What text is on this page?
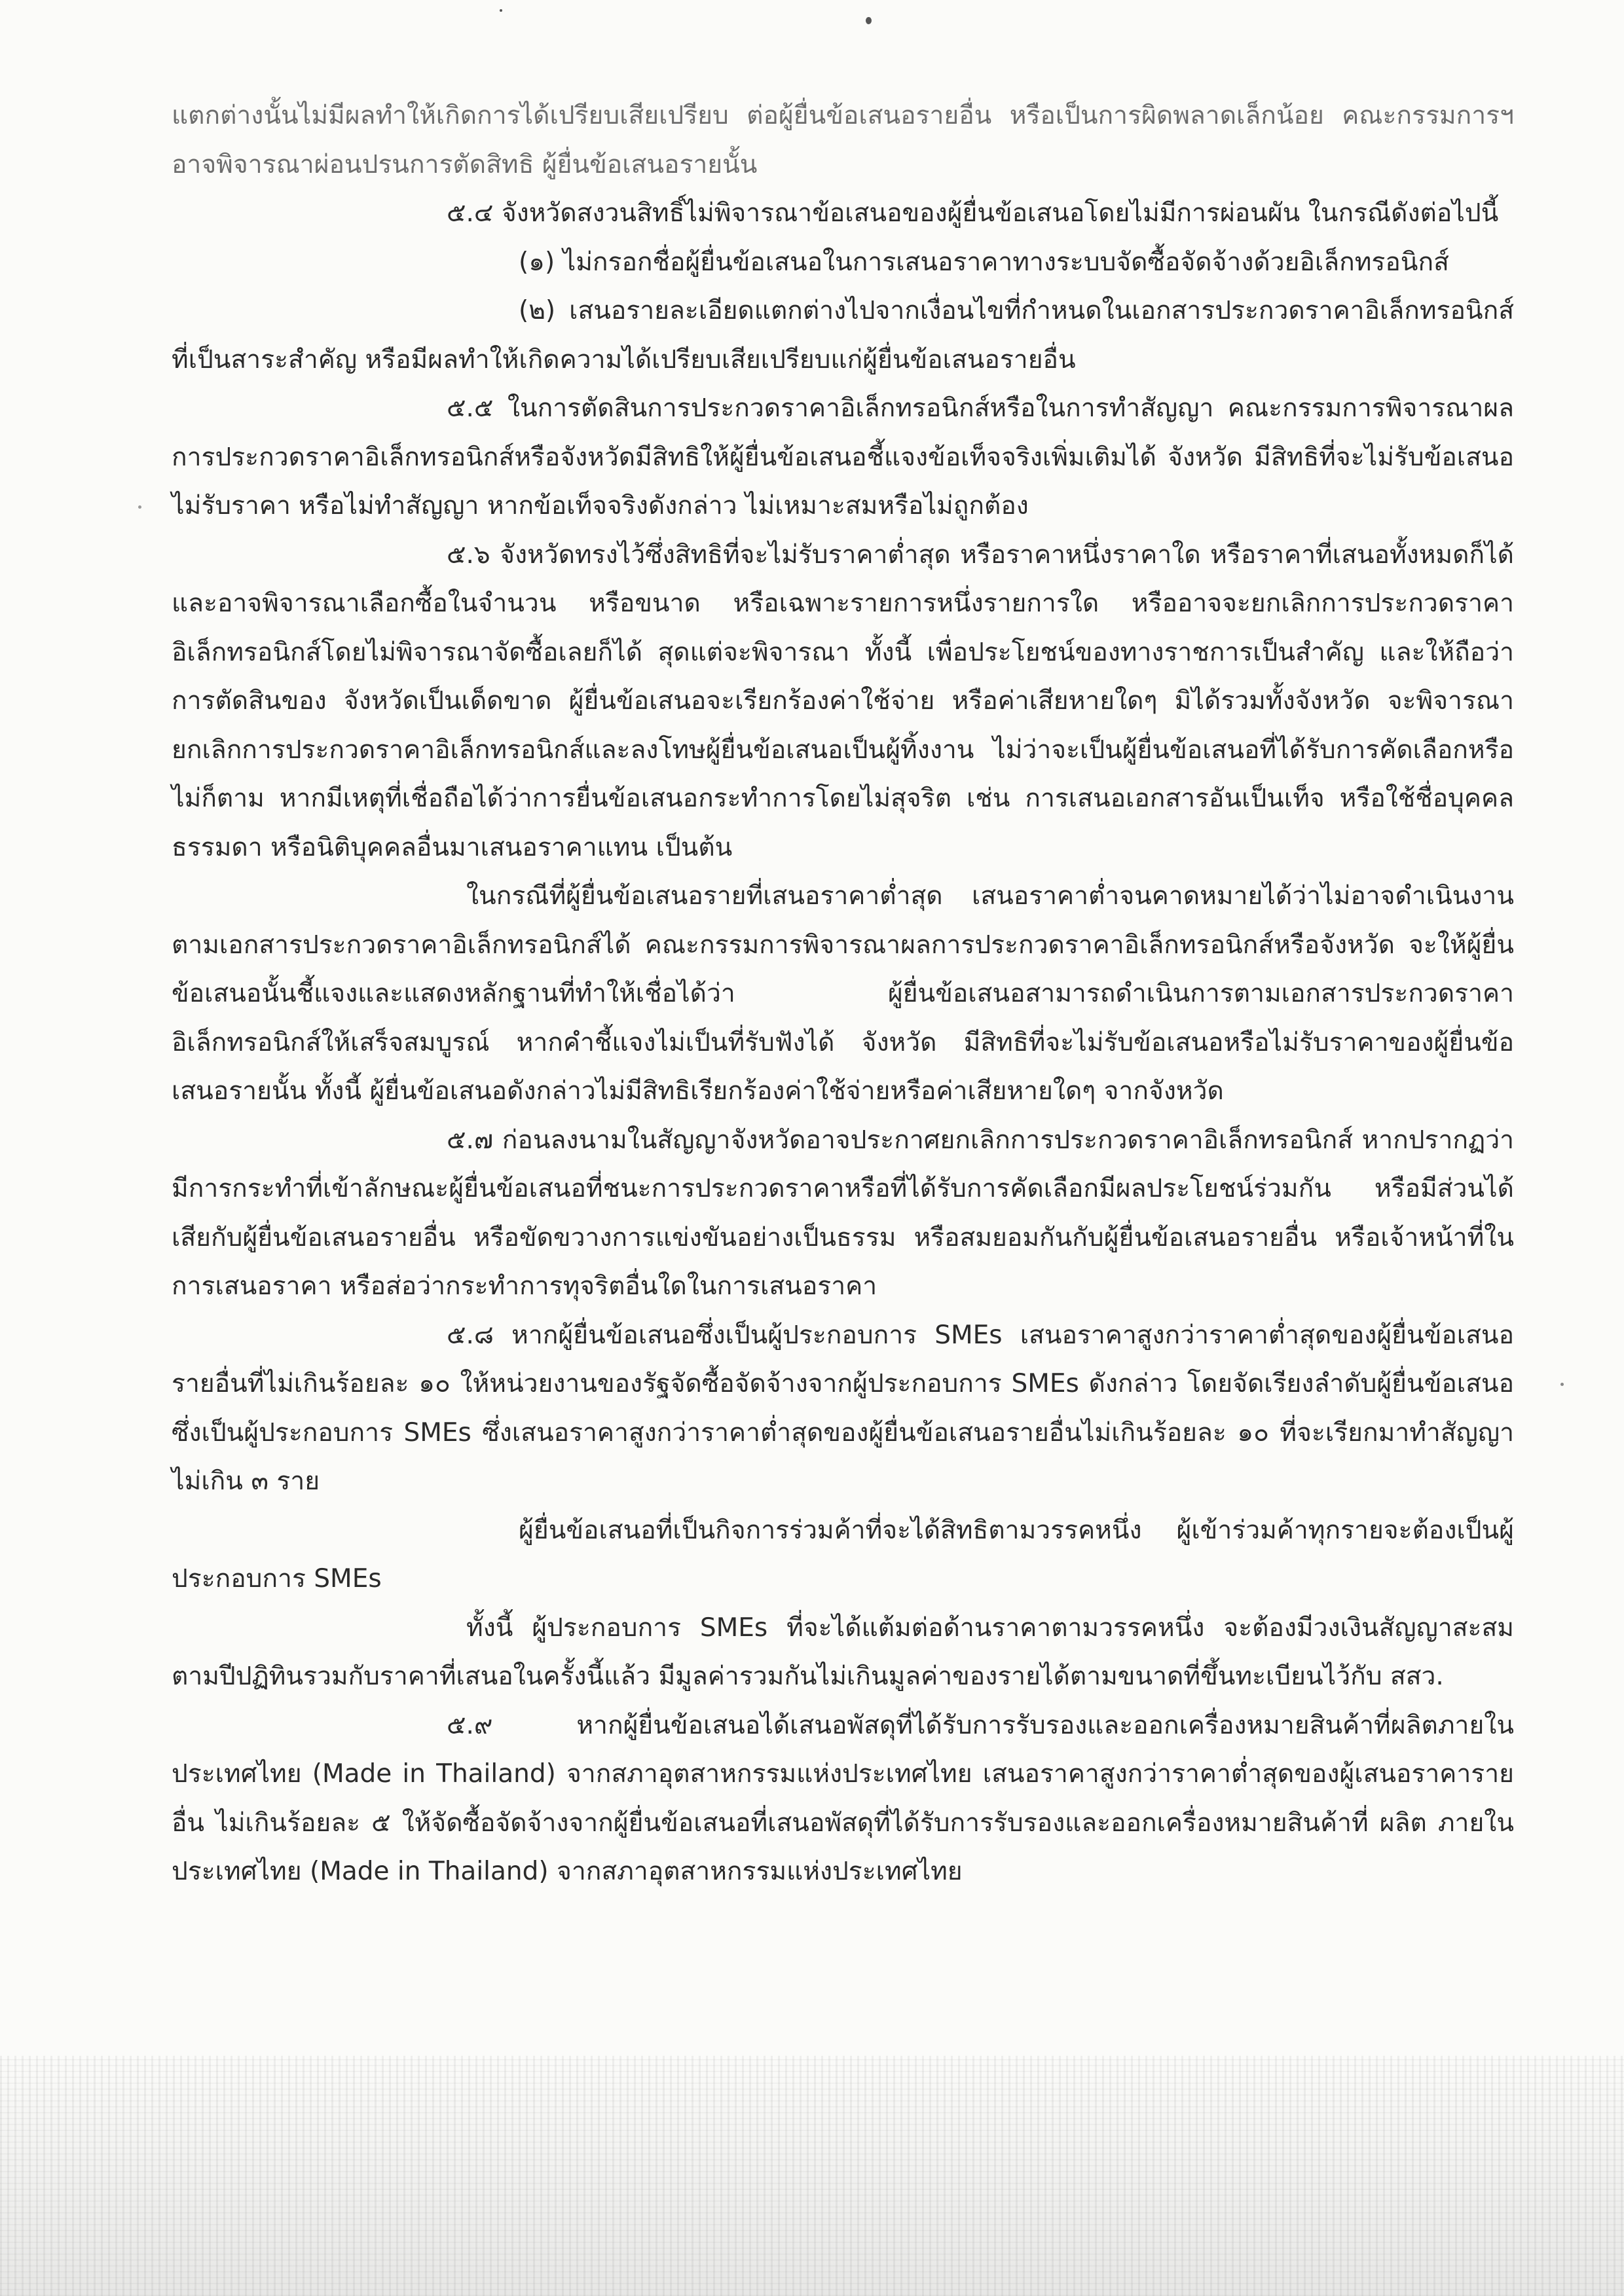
แตกต่างนั้นไม่มีผลทำให้เกิดการได้เปรียบเสียเปรียบ ต่อผู้ยื่นข้อเสนอรายอื่น หรือเป็นการผิดพลาดเล็กน้อย คณะกรรมการฯ อาจพิจารณาผ่อนปรนการตัดสิทธิ ผู้ยื่นข้อเสนอรายนั้น

๕.๔ จังหวัดสงวนสิทธิ์ไม่พิจารณาข้อเสนอของผู้ยื่นข้อเสนอโดยไม่มีการผ่อนผัน ในกรณีดังต่อไปนี้

(๑) ไม่กรอกชื่อผู้ยื่นข้อเสนอในการเสนอราคาทางระบบจัดซื้อจัดจ้างด้วยอิเล็กทรอนิกส์

(๒) เสนอรายละเอียดแตกต่างไปจากเงื่อนไขที่กำหนดในเอกสารประกวดราคาอิเล็กทรอนิกส์ที่เป็นสาระสำคัญ หรือมีผลทำให้เกิดความได้เปรียบเสียเปรียบแก่ผู้ยื่นข้อเสนอรายอื่น

๕.๕ ในการตัดสินการประกวดราคาอิเล็กทรอนิกส์หรือในการทำสัญญา คณะกรรมการพิจารณาผลการประกวดราคาอิเล็กทรอนิกส์หรือจังหวัดมีสิทธิให้ผู้ยื่นข้อเสนอชี้แจงข้อเท็จจริงเพิ่มเติมได้ จังหวัด มีสิทธิที่จะไม่รับข้อเสนอ ไม่รับราคา หรือไม่ทำสัญญา หากข้อเท็จจริงดังกล่าว ไม่เหมาะสมหรือไม่ถูกต้อง

๕.๖ จังหวัดทรงไว้ซึ่งสิทธิที่จะไม่รับราคาต่ำสุด หรือราคาหนึ่งราคาใด หรือราคาที่เสนอทั้งหมดก็ได้ และอาจพิจารณาเลือกซื้อในจำนวน หรือขนาด หรือเฉพาะรายการหนึ่งรายการใด หรืออาจจะยกเลิกการประกวดราคาอิเล็กทรอนิกส์โดยไม่พิจารณาจัดซื้อเลยก็ได้ สุดแต่จะพิจารณา ทั้งนี้ เพื่อประโยชน์ของทางราชการเป็นสำคัญ และให้ถือว่าการตัดสินของ จังหวัดเป็นเด็ดขาด ผู้ยื่นข้อเสนอจะเรียกร้องค่าใช้จ่าย หรือค่าเสียหายใดๆ มิได้รวมทั้งจังหวัด จะพิจารณายกเลิกการประกวดราคาอิเล็กทรอนิกส์และลงโทษผู้ยื่นข้อเสนอเป็นผู้ทิ้งงาน ไม่ว่าจะเป็นผู้ยื่นข้อเสนอที่ได้รับการคัดเลือกหรือไม่ก็ตาม หากมีเหตุที่เชื่อถือได้ว่าการยื่นข้อเสนอกระทำการโดยไม่สุจริต เช่น การเสนอเอกสารอันเป็นเท็จ หรือใช้ชื่อบุคคลธรรมดา หรือนิติบุคคลอื่นมาเสนอราคาแทน เป็นต้น

ในกรณีที่ผู้ยื่นข้อเสนอรายที่เสนอราคาต่ำสุด เสนอราคาต่ำจนคาดหมายได้ว่าไม่อาจดำเนินงานตามเอกสารประกวดราคาอิเล็กทรอนิกส์ได้ คณะกรรมการพิจารณาผลการประกวดราคาอิเล็กทรอนิกส์หรือจังหวัด จะให้ผู้ยื่นข้อเสนอนั้นชี้แจงและแสดงหลักฐานที่ทำให้เชื่อได้ว่า ผู้ยื่นข้อเสนอสามารถดำเนินการตามเอกสารประกวดราคาอิเล็กทรอนิกส์ให้เสร็จสมบูรณ์ หากคำชี้แจงไม่เป็นที่รับฟังได้ จังหวัด มีสิทธิที่จะไม่รับข้อเสนอหรือไม่รับราคาของผู้ยื่นข้อเสนอรายนั้น ทั้งนี้ ผู้ยื่นข้อเสนอดังกล่าวไม่มีสิทธิเรียกร้องค่าใช้จ่ายหรือค่าเสียหายใดๆ จากจังหวัด

๕.๗ ก่อนลงนามในสัญญาจังหวัดอาจประกาศยกเลิกการประกวดราคาอิเล็กทรอนิกส์ หากปรากฏว่ามีการกระทำที่เข้าลักษณะผู้ยื่นข้อเสนอที่ชนะการประกวดราคาหรือที่ได้รับการคัดเลือกมีผลประโยชน์ร่วมกัน หรือมีส่วนได้เสียกับผู้ยื่นข้อเสนอรายอื่น หรือขัดขวางการแข่งขันอย่างเป็นธรรม หรือสมยอมกันกับผู้ยื่นข้อเสนอรายอื่น หรือเจ้าหน้าที่ในการเสนอราคา หรือส่อว่ากระทำการทุจริตอื่นใดในการเสนอราคา

๕.๘ หากผู้ยื่นข้อเสนอซึ่งเป็นผู้ประกอบการ SMEs เสนอราคาสูงกว่าราคาต่ำสุดของผู้ยื่นข้อเสนอรายอื่นที่ไม่เกินร้อยละ ๑๐ ให้หน่วยงานของรัฐจัดซื้อจัดจ้างจากผู้ประกอบการ SMEs ดังกล่าว โดยจัดเรียงลำดับผู้ยื่นข้อเสนอซึ่งเป็นผู้ประกอบการ SMEs ซึ่งเสนอราคาสูงกว่าราคาต่ำสุดของผู้ยื่นข้อเสนอรายอื่นไม่เกินร้อยละ ๑๐ ที่จะเรียกมาทำสัญญาไม่เกิน ๓ ราย

ผู้ยื่นข้อเสนอที่เป็นกิจการร่วมค้าที่จะได้สิทธิตามวรรคหนึ่ง ผู้เข้าร่วมค้าทุกรายจะต้องเป็นผู้ประกอบการ SMEs

ทั้งนี้ ผู้ประกอบการ SMEs ที่จะได้แต้มต่อด้านราคาตามวรรคหนึ่ง จะต้องมีวงเงินสัญญาสะสมตามปีปฏิทินรวมกับราคาที่เสนอในครั้งนี้แล้ว มีมูลค่ารวมกันไม่เกินมูลค่าของรายได้ตามขนาดที่ขึ้นทะเบียนไว้กับ สสว.

๕.๙ หากผู้ยื่นข้อเสนอได้เสนอพัสดุที่ได้รับการรับรองและออกเครื่องหมายสินค้าที่ผลิตภายในประเทศไทย (Made in Thailand) จากสภาอุตสาหกรรมแห่งประเทศไทย เสนอราคาสูงกว่าราคาต่ำสุดของผู้เสนอราคารายอื่น ไม่เกินร้อยละ ๕ ให้จัดซื้อจัดจ้างจากผู้ยื่นข้อเสนอที่เสนอพัสดุที่ได้รับการรับรองและออกเครื่องหมายสินค้าที่ ผลิต ภายในประเทศไทย (Made in Thailand) จากสภาอุตสาหกรรมแห่งประเทศไทย
